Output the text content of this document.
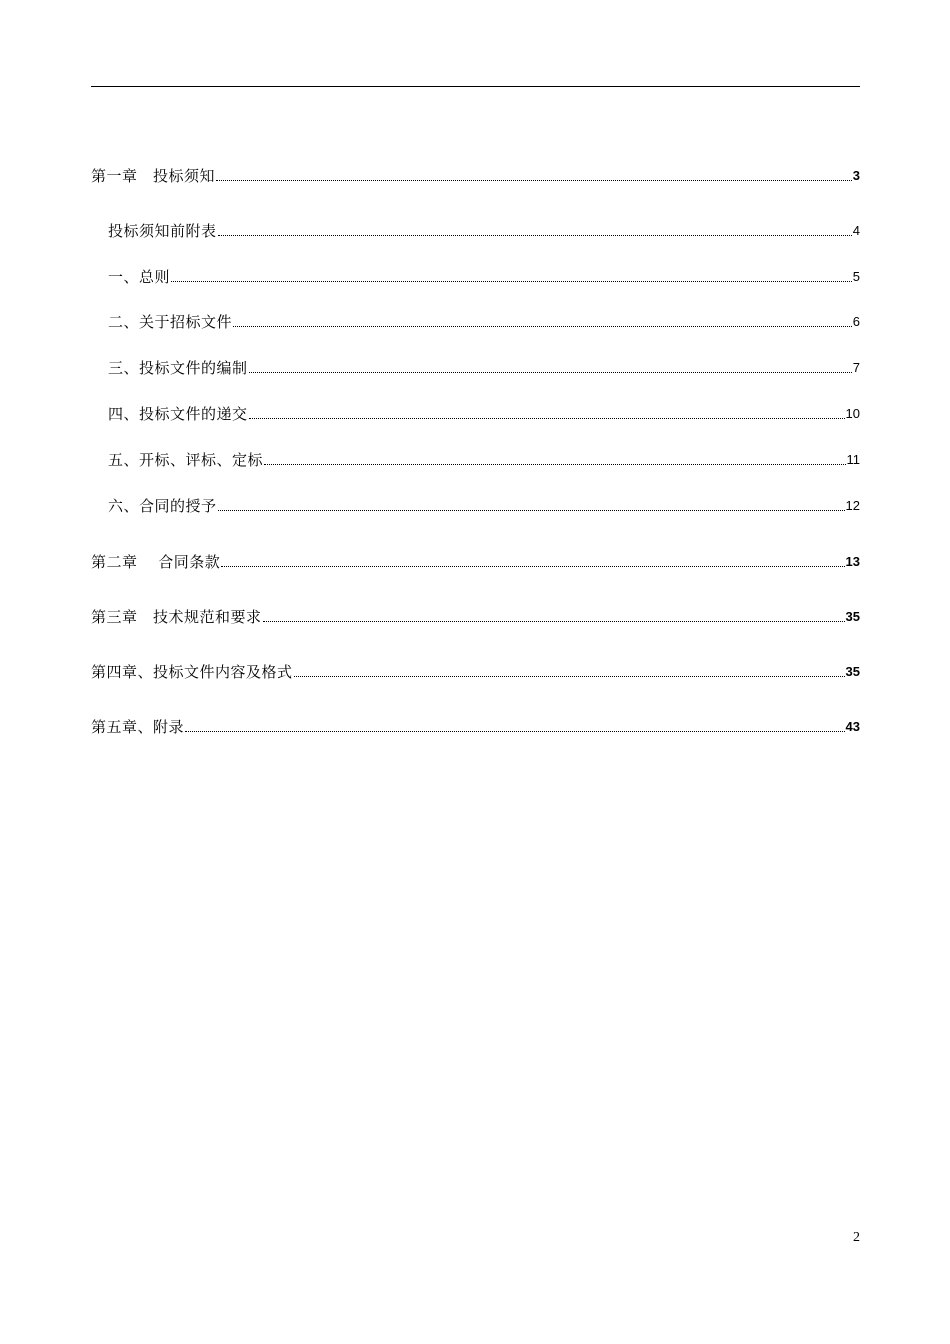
第一章　投标须知	3
投标须知前附表	4
一、总则	5
二、关于招标文件	6
三、投标文件的编制	7
四、投标文件的递交	10
五、开标、评标、定标	11
六、合同的授予	12
第二章　 合同条款	13
第三章　技术规范和要求	35
第四章、投标文件内容及格式	35
第五章、附录	43
2
